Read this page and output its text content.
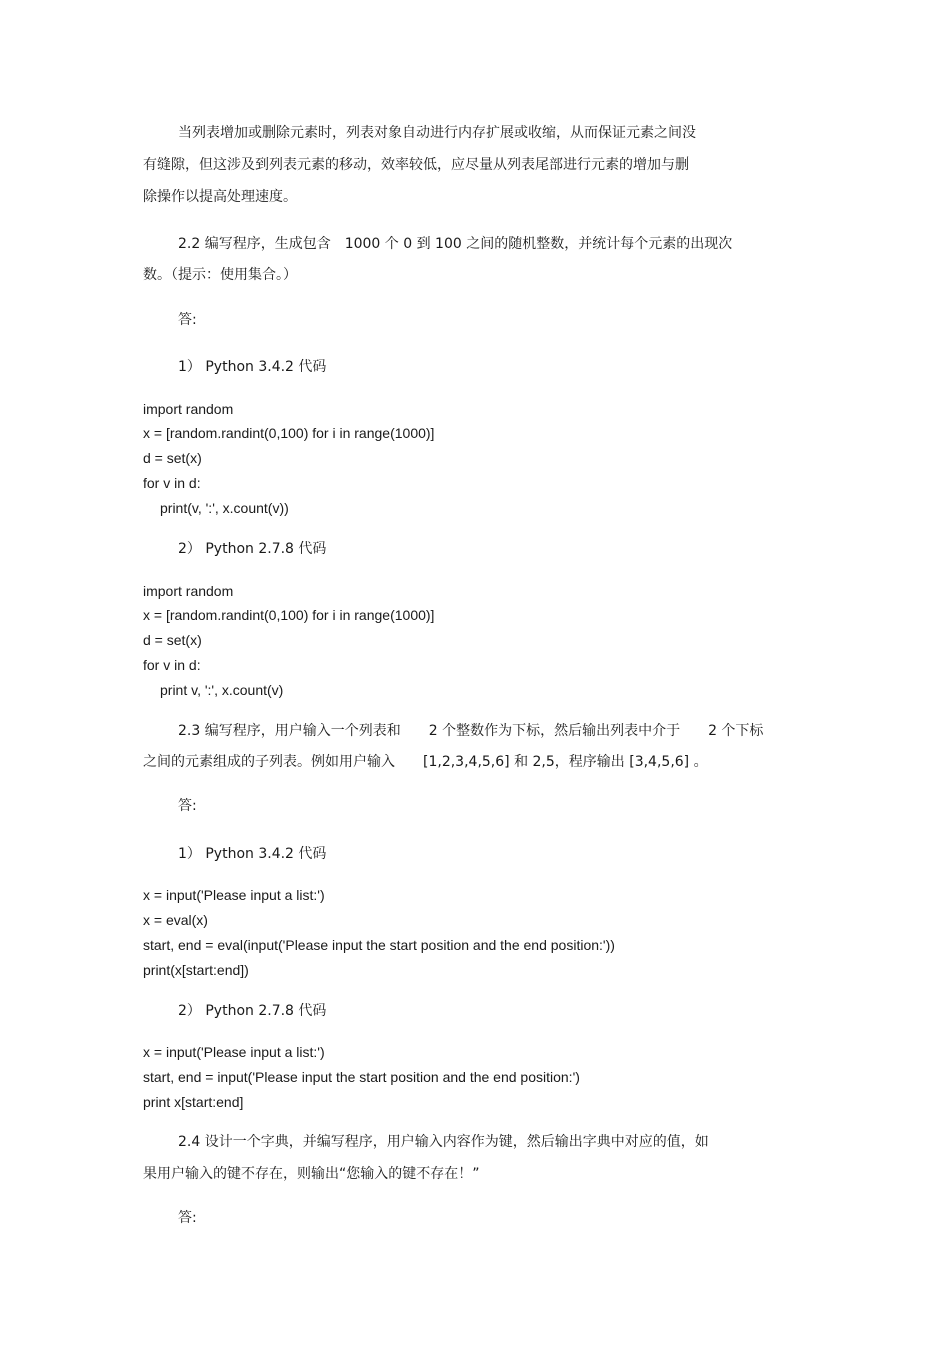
当列表增加或删除元素时，列表对象自动进行内存扩展或收缩，从而保证元素之间没
有缝隙，但这涉及到列表元素的移动，效率较低，应尽量从列表尾部进行元素的增加与删
除操作以提高处理速度。
2.2 编写程序，生成包含　1000 个 0 到 100 之间的随机整数，并统计每个元素的出现次
数。（提示：使用集合。）
答:
1） Python 3.4.2 代码
import random
x = [random.randint(0,100) for i in range(1000)]
d = set(x)
for v in d:
print(v, ':', x.count(v))
2） Python 2.7.8 代码
import random
x = [random.randint(0,100) for i in range(1000)]
d = set(x)
for v in d:
print v, ':', x.count(v)
2.3 编写程序，用户输入一个列表和　　2 个整数作为下标，然后输出列表中介于　　2 个下标
之间的元素组成的子列表。例如用户输入　　[1,2,3,4,5,6] 和 2,5，程序输出 [3,4,5,6] 。
答:
1） Python 3.4.2 代码
x = input('Please input a list:')
x = eval(x)
start, end = eval(input('Please input the start position and the end position:'))
print(x[start:end])
2） Python 2.7.8 代码
x = input('Please input a list:')
start, end = input('Please input the start position and the end position:')
print x[start:end]
2.4 设计一个字典，并编写程序，用户输入内容作为键，然后输出字典中对应的值，如
果用户输入的键不存在，则输出“您输入的键不存在！”
答:
